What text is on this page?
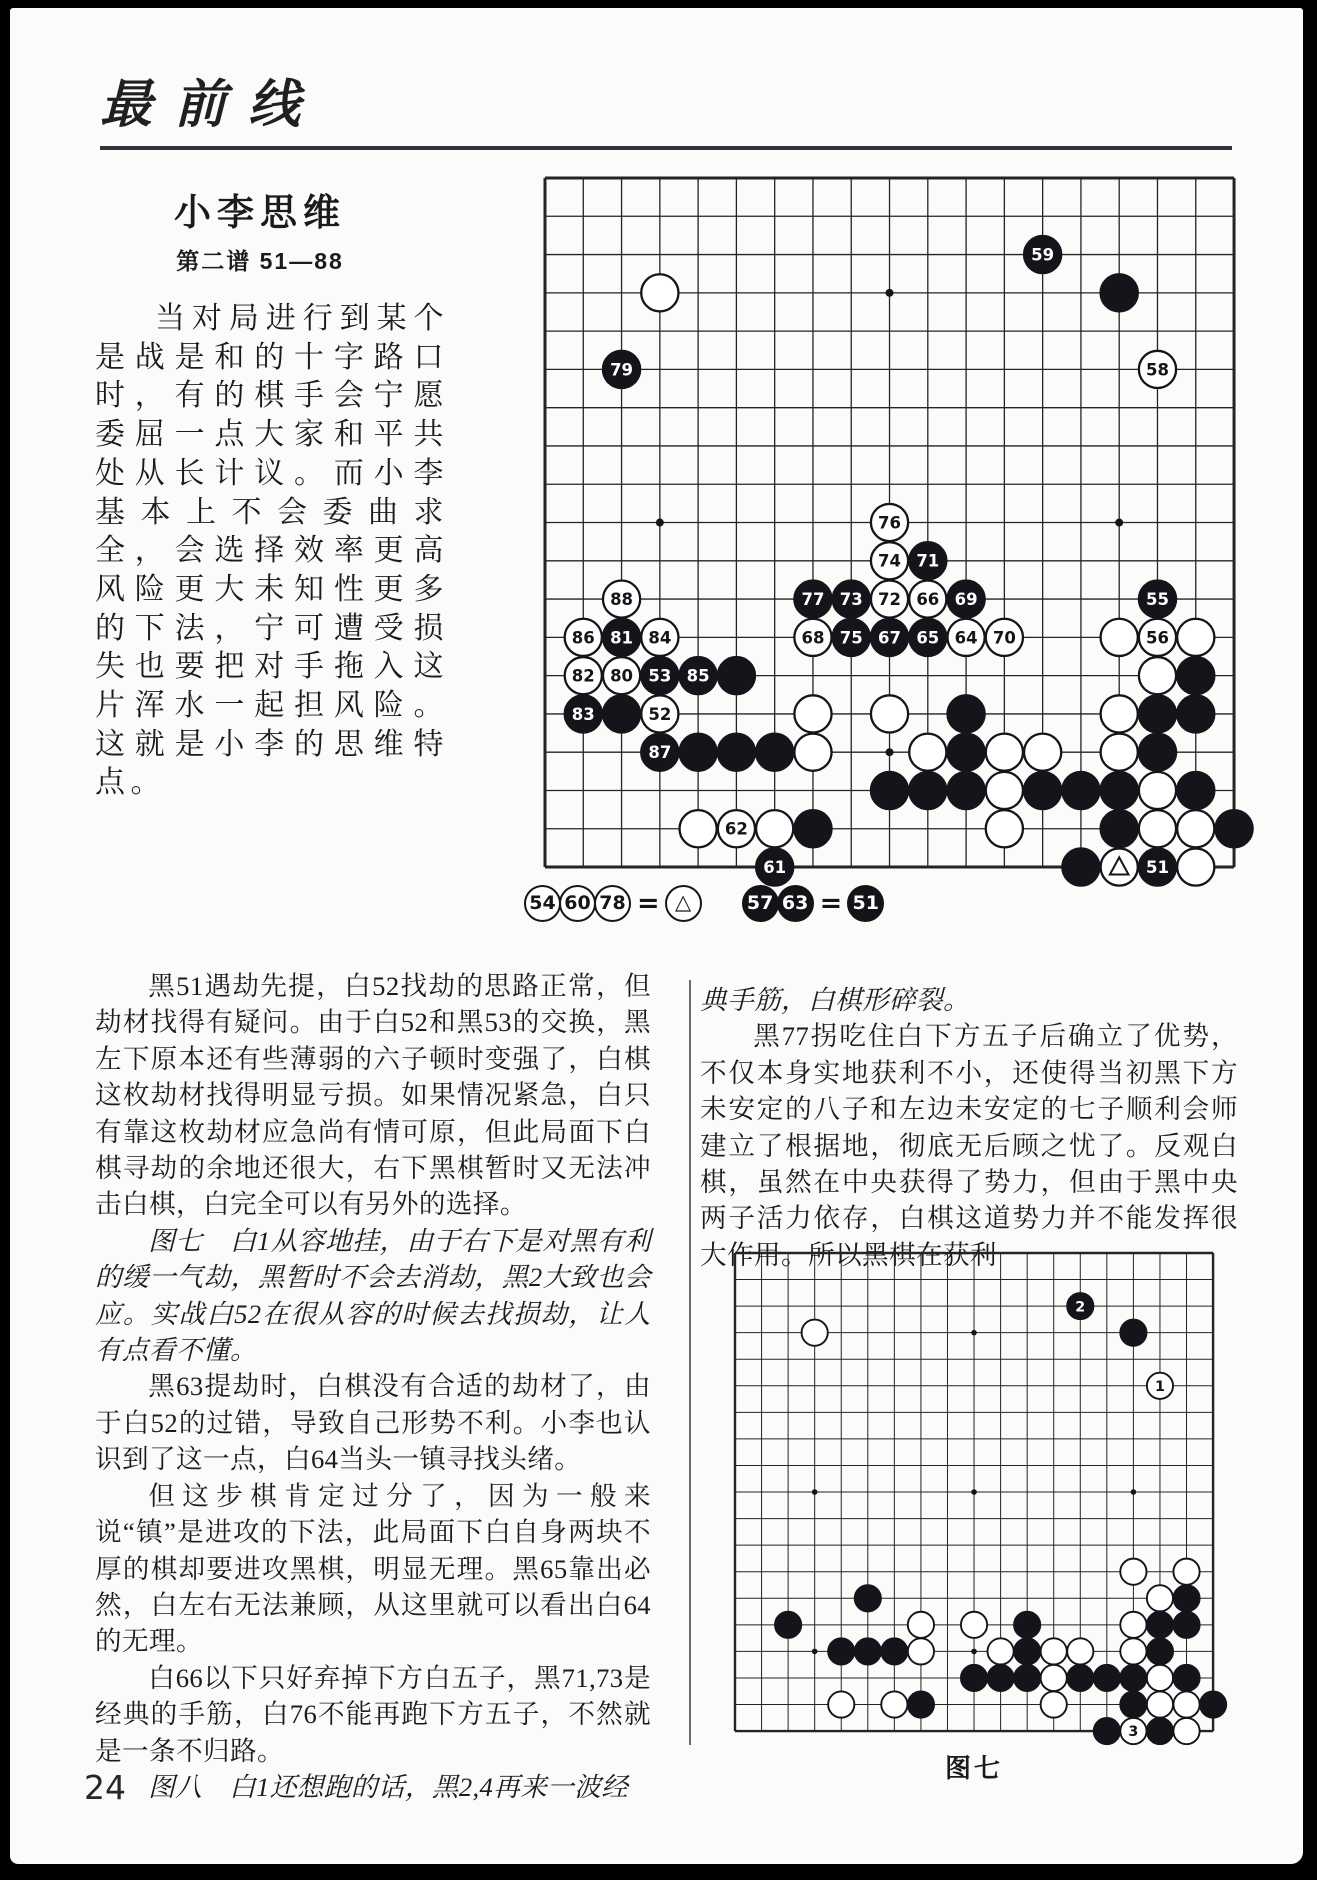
最前线
小李思维
第二谱 51—88
当对局进行到某个是战是和的十字路口时，有的棋手会宁愿委屈一点大家和平共处从长计议。而小李基本上不会委曲求全，会选择效率更高风险更大未知性更多的下法，宁可遭受损失也要把对手拖入这片浑水一起担风险。这就是小李的思维特点。
59
79	58
76
74 71
88	77 73 72 66 69	55
86 81 84	68 75 67 65 64 70	56
82 80 53 85
83	52
87
62
61	51
54 60 78 = △	57 63 = 51

黑51遇劫先提，白52找劫的思路正常，但劫材找得有疑问。由于白52和黑53的交换，黑左下原本还有些薄弱的六子顿时变强了，白棋这枚劫材找得明显亏损。如果情况紧急，白只有靠这枚劫材应急尚有情可原，但此局面下白棋寻劫的余地还很大，右下黑棋暂时又无法冲击白棋，白完全可以有另外的选择。

图七　白1从容地挂，由于右下是对黑有利的缓一气劫，黑暂时不会去消劫，黑2大致也会应。实战白52在很从容的时候去找损劫，让人有点看不懂。

黑63提劫时，白棋没有合适的劫材了，由于白52的过错，导致自己形势不利。小李也认识到了这一点，白64当头一镇寻找头绪。

但这步棋肯定过分了，因为一般来说“镇”是进攻的下法，此局面下白自身两块不厚的棋却要进攻黑棋，明显无理。黑65靠出必然，白左右无法兼顾，从这里就可以看出白64的无理。

白66以下只好弃掉下方白五子，黑71,73是经典的手筋，白76不能再跑下方五子，不然就是一条不归路。

图八　白1还想跑的话，黑2,4再来一波经

典手筋，白棋形碎裂。

黑77拐吃住白下方五子后确立了优势，不仅本身实地获利不小，还使得当初黑下方未安定的八子和左边未安定的七子顺利会师建立了根据地，彻底无后顾之忧了。反观白棋，虽然在中央获得了势力，但由于黑中央两子活力依存，白棋这道势力并不能发挥很大作用。所以黑棋在获利

2
1
3
图七
24
